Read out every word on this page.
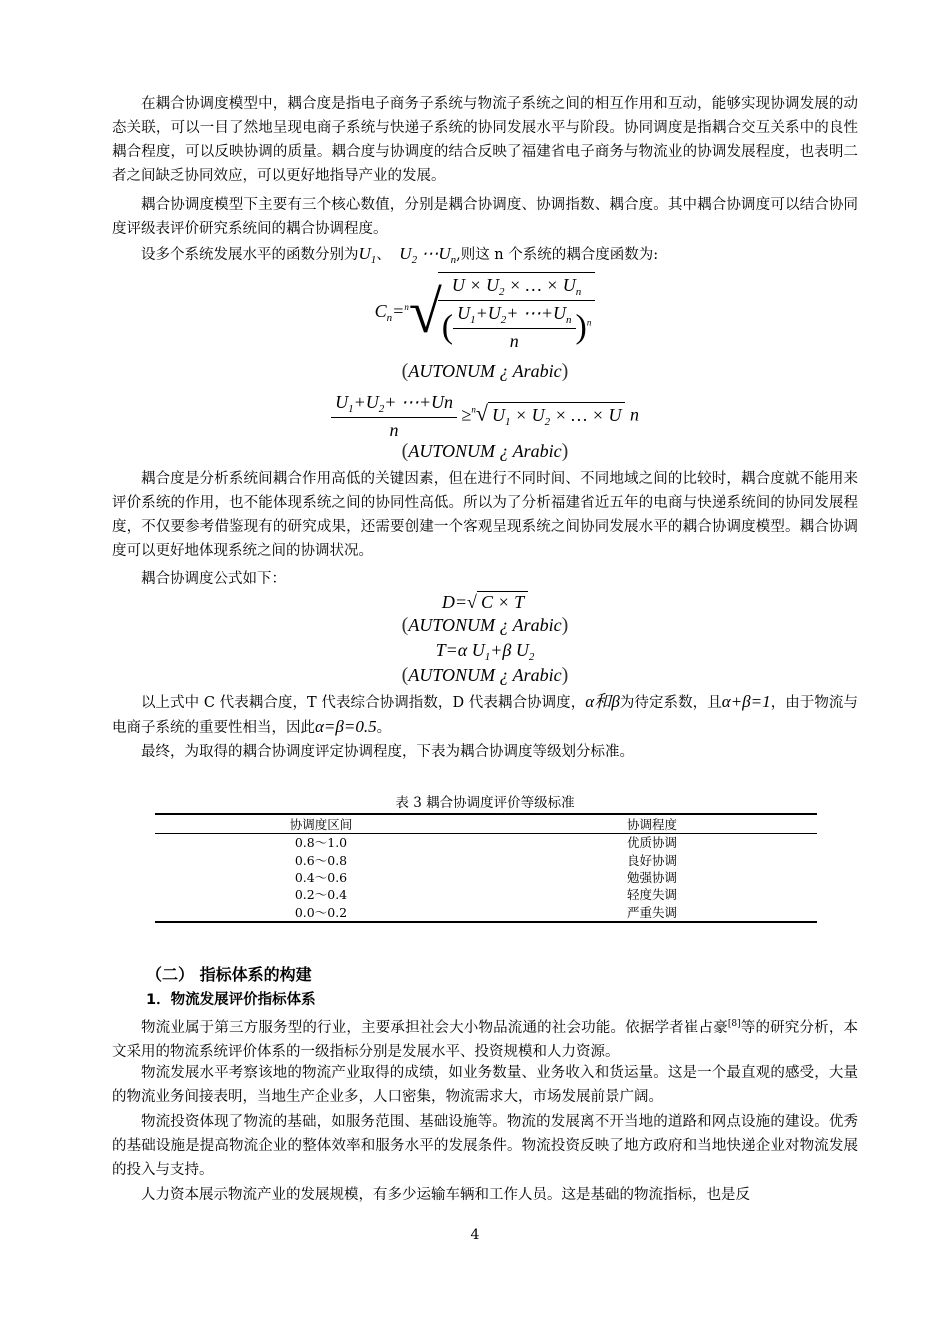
在耦合协调度模型中，耦合度是指电子商务子系统与物流子系统之间的相互作用和互动，能够实现协调发展的动态关联，可以一目了然地呈现电商子系统与快递子系统的协同发展水平与阶段。协同调度是指耦合交互关系中的良性耦合程度，可以反映协调的质量。耦合度与协调度的结合反映了福建省电子商务与物流业的协调发展程度，也表明二者之间缺乏协同效应，可以更好地指导产业的发展。

耦合协调度模型下主要有三个核心数值，分别是耦合协调度、协调指数、耦合度。其中耦合协调度可以结合协同度评级表评价研究系统间的耦合协调程度。

设多个系统发展水平的函数分别为$U_1$、 $U_2$ $\cdots U_n$,则这 n 个系统的耦合度函数为:

$C_n=_n√$
$\frac{U \times U_2 \times \dots \times U_n}{( \frac{U_1+U_2+ \cdots+U_n}{n} )^n}$
(AUTONUM ¿ Arabic)
$\frac{U_1+U_2+ \cdots+Un}{n} \ge^n√$ $U_1 \times U_2$ × … × U n
(AUTONUM ¿ Arabic)

耦合度是分析系统间耦合作用高低的关键因素，但在进行不同时间、不同地域之间的比较时，耦合度就不能用来评价系统的作用，也不能体现系统之间的协同性高低。所以为了分析福建省近五年的电商与快递系统间的协同发展程度，不仅要参考借鉴现有的研究成果，还需要创建一个客观呈现系统之间协同发展水平的耦合协调度模型。耦合协调度可以更好地体现系统之间的协调状况。

耦合协调度公式如下：

D=√ C × T
(AUTONUM ¿ Arabic)
T=α $U_1+\beta$ $U_2$
(AUTONUM ¿ Arabic)

以上式中 C 代表耦合度，T 代表综合协调指数，D 代表耦合协调度，α和β为待定系数，且α+β=1，由于物流与电商子系统的重要性相当，因此α=β=0.5。

最终，为取得的耦合协调度评定协调程度，下表为耦合协调度等级划分标准。

表 3 耦合协调度评价等级标准
协调度区间	协调程度
0.8～1.0	优质协调
0.6～0.8	良好协调
0.4～0.6	勉强协调
0.2～0.4	轻度失调
0.0～0.2	严重失调
（二） 指标体系的构建
1．物流发展评价指标体系

物流业属于第三方服务型的行业，主要承担社会大小物品流通的社会功能。依据学者崔占豪[8]等的研究分析，本文采用的物流系统评价体系的一级指标分别是发展水平、投资规模和人力资源。

物流发展水平考察该地的物流产业取得的成绩，如业务数量、业务收入和货运量。这是一个最直观的感受，大量的物流业务间接表明，当地生产企业多，人口密集，物流需求大，市场发展前景广阔。

物流投资体现了物流的基础，如服务范围、基础设施等。物流的发展离不开当地的道路和网点设施的建设。优秀的基础设施是提高物流企业的整体效率和服务水平的发展条件。物流投资反映了地方政府和当地快递企业对物流发展的投入与支持。

人力资本展示物流产业的发展规模，有多少运输车辆和工作人员。这是基础的物流指标，也是反

4
